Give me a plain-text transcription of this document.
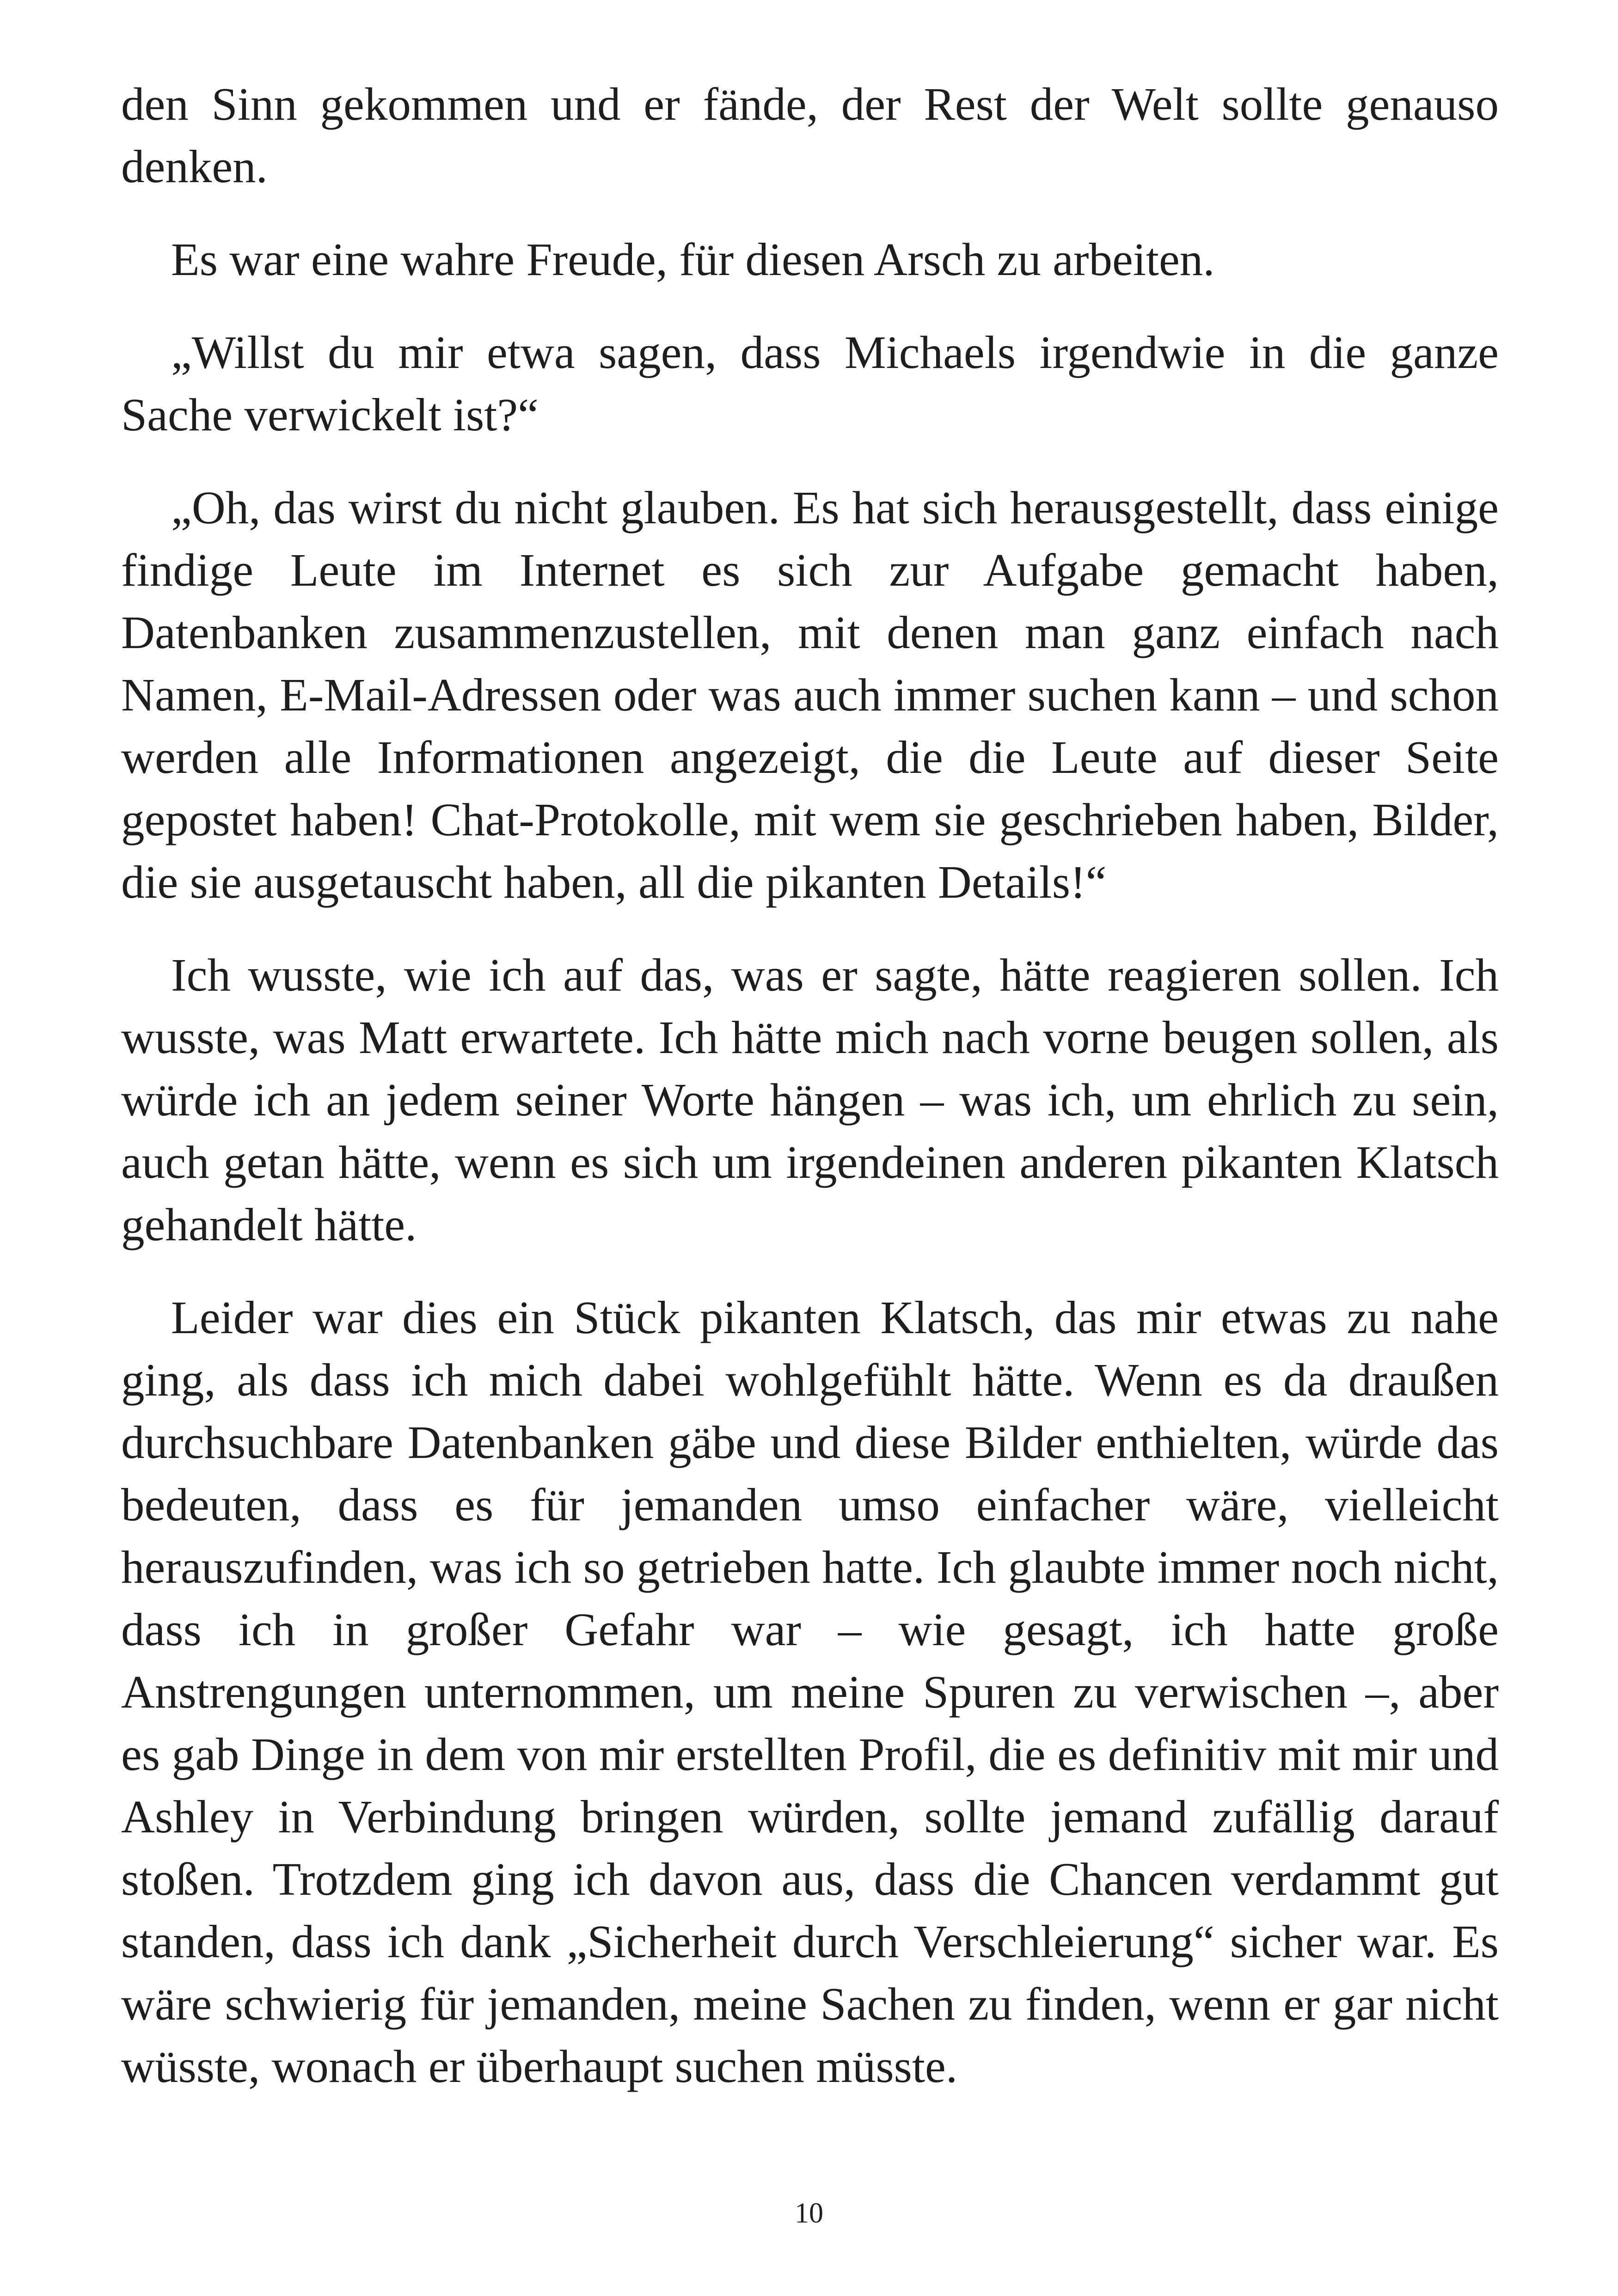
den Sinn gekommen und er fände, der Rest der Welt sollte genauso denken.

Es war eine wahre Freude, für diesen Arsch zu arbeiten.

„Willst du mir etwa sagen, dass Michaels irgendwie in die ganze Sache verwickelt ist?“

„Oh, das wirst du nicht glauben. Es hat sich herausgestellt, dass einige findige Leute im Internet es sich zur Aufgabe gemacht haben, Datenbanken zusammenzustellen, mit denen man ganz einfach nach Namen, E-Mail-Adressen oder was auch immer suchen kann – und schon werden alle Informationen angezeigt, die die Leute auf dieser Seite gepostet haben! Chat-Protokolle, mit wem sie geschrieben haben, Bilder, die sie ausgetauscht haben, all die pikanten Details!“

Ich wusste, wie ich auf das, was er sagte, hätte reagieren sollen. Ich wusste, was Matt erwartete. Ich hätte mich nach vorne beugen sollen, als würde ich an jedem seiner Worte hängen – was ich, um ehrlich zu sein, auch getan hätte, wenn es sich um irgendeinen anderen pikanten Klatsch gehandelt hätte.

Leider war dies ein Stück pikanten Klatsch, das mir etwas zu nahe ging, als dass ich mich dabei wohlgefühlt hätte. Wenn es da draußen durchsuchbare Datenbanken gäbe und diese Bilder enthielten, würde das bedeuten, dass es für jemanden umso einfacher wäre, vielleicht herauszufinden, was ich so getrieben hatte. Ich glaubte immer noch nicht, dass ich in großer Gefahr war – wie gesagt, ich hatte große Anstrengungen unternommen, um meine Spuren zu verwischen –, aber es gab Dinge in dem von mir erstellten Profil, die es definitiv mit mir und Ashley in Verbindung bringen würden, sollte jemand zufällig darauf stoßen. Trotzdem ging ich davon aus, dass die Chancen verdammt gut standen, dass ich dank „Sicherheit durch Verschleierung“ sicher war. Es wäre schwierig für jemanden, meine Sachen zu finden, wenn er gar nicht wüsste, wonach er überhaupt suchen müsste.

10
